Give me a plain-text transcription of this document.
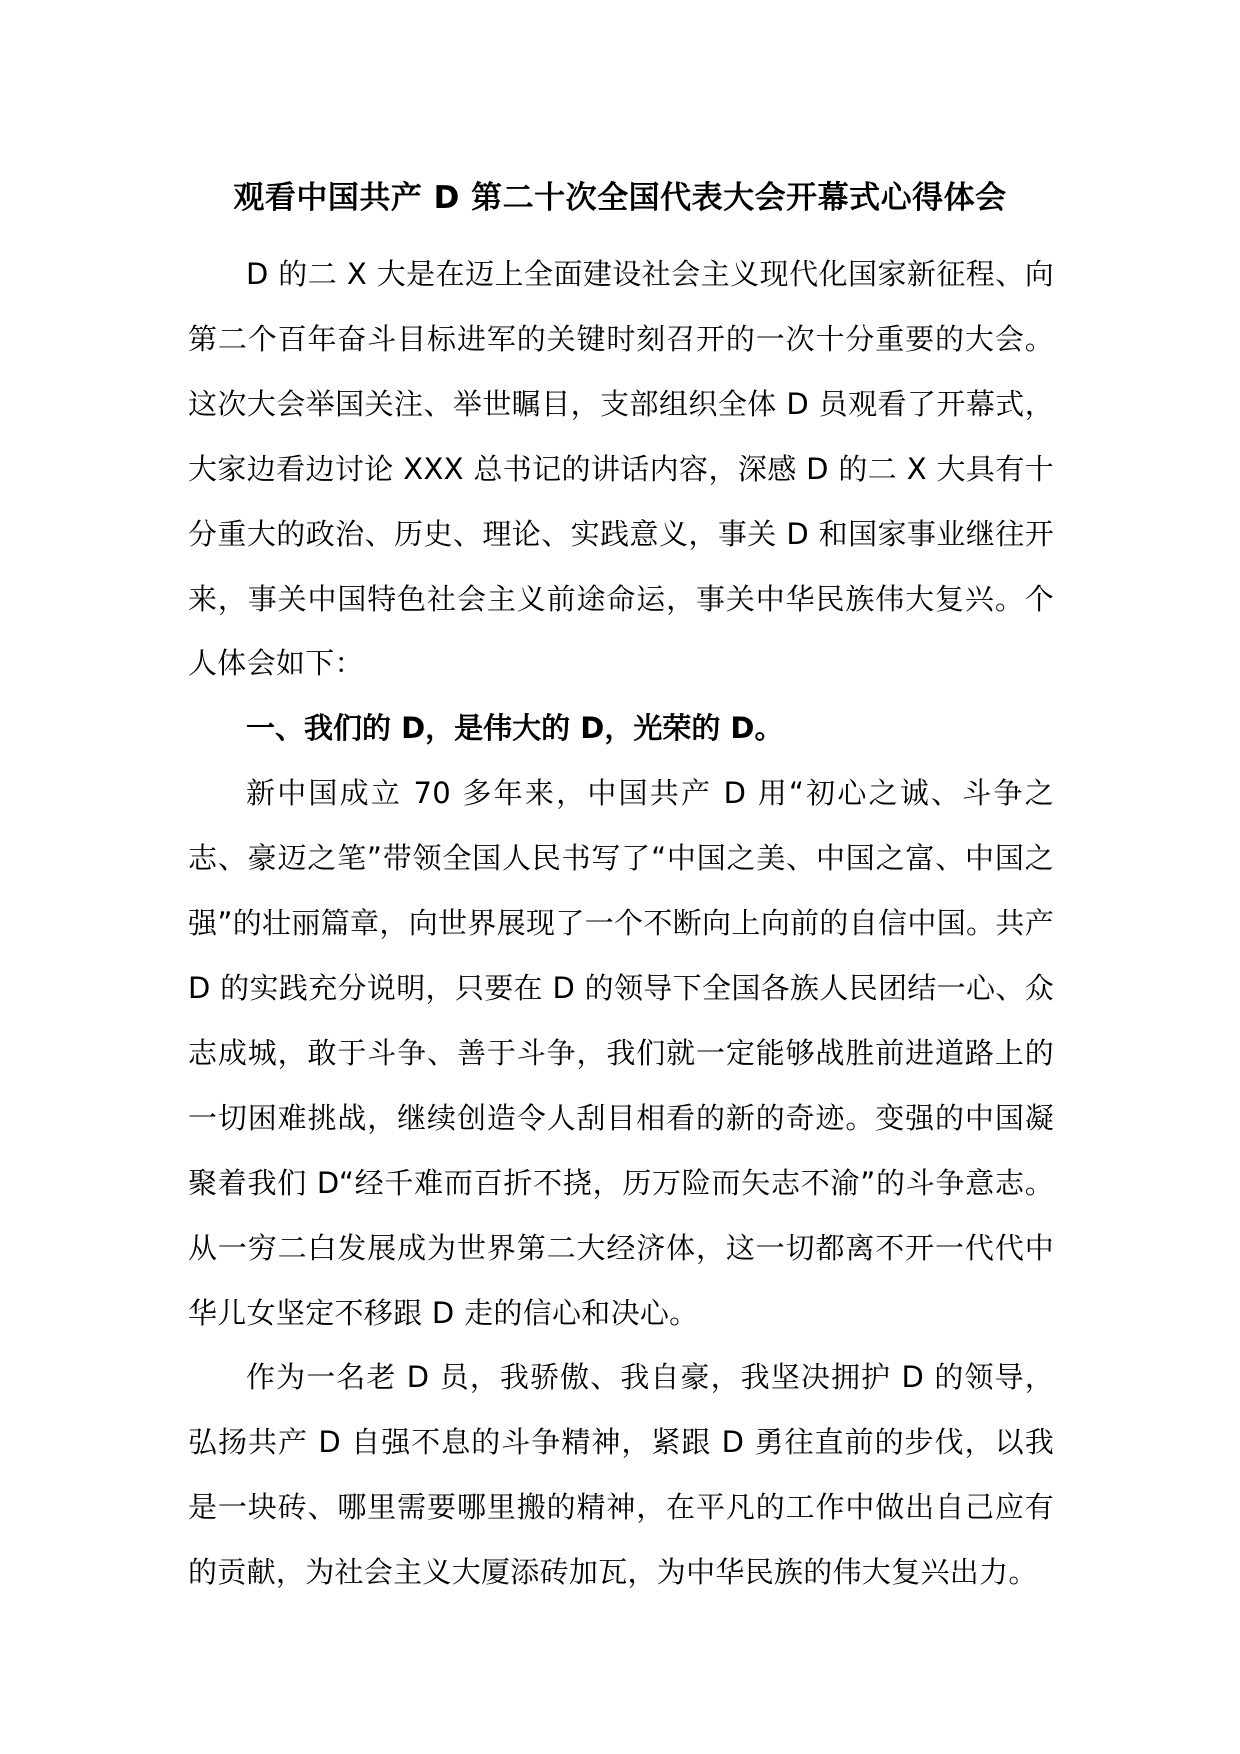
观看中国共产 D 第二十次全国代表大会开幕式心得体会

D 的二 X 大是在迈上全面建设社会主义现代化国家新征程、向第二个百年奋斗目标进军的关键时刻召开的一次十分重要的大会。这次大会举国关注、举世瞩目，支部组织全体 D 员观看了开幕式，大家边看边讨论 XXX 总书记的讲话内容，深感 D 的二 X 大具有十分重大的政治、历史、理论、实践意义，事关 D 和国家事业继往开来，事关中国特色社会主义前途命运，事关中华民族伟大复兴。个人体会如下：

一、我们的 D，是伟大的 D，光荣的 D。

新中国成立 70 多年来，中国共产 D 用“初心之诚、斗争之志、豪迈之笔”带领全国人民书写了“中国之美、中国之富、中国之强”的壮丽篇章，向世界展现了一个不断向上向前的自信中国。共产 D 的实践充分说明，只要在 D 的领导下全国各族人民团结一心、众志成城，敢于斗争、善于斗争，我们就一定能够战胜前进道路上的一切困难挑战，继续创造令人刮目相看的新的奇迹。变强的中国凝聚着我们 D“经千难而百折不挠，历万险而矢志不渝”的斗争意志。从一穷二白发展成为世界第二大经济体，这一切都离不开一代代中华儿女坚定不移跟 D 走的信心和决心。

作为一名老 D 员，我骄傲、我自豪，我坚决拥护 D 的领导，弘扬共产 D 自强不息的斗争精神，紧跟 D 勇往直前的步伐，以我是一块砖、哪里需要哪里搬的精神，在平凡的工作中做出自己应有的贡献，为社会主义大厦添砖加瓦，为中华民族的伟大复兴出力。
